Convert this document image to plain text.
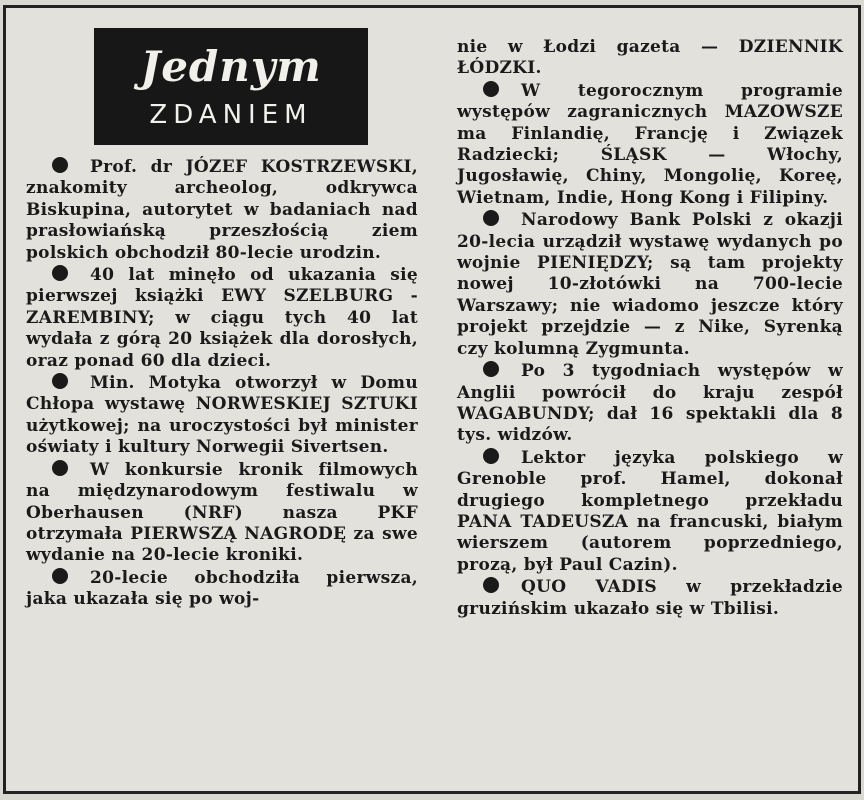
Jednym
ZDANIEM
Prof. dr JÓZEF KOSTRZEWSKI, znakomity archeolog, odkrywca Biskupina, autorytet w badaniach nad prasłowiańską przeszłością ziem polskich obchodził 80-lecie urodzin.
40 lat minęło od ukazania się pierwszej książki EWY SZELBURG - ZAREMBINY; w ciągu tych 40 lat wydała z górą 20 książek dla dorosłych, oraz ponad 60 dla dzieci.
Min. Motyka otworzył w Domu Chłopa wystawę NORWESKIEJ SZTUKI użytkowej; na uroczystości był minister oświaty i kultury Norwegii Sivertsen.
W konkursie kronik filmowych na międzynarodowym festiwalu w Oberhausen (NRF) nasza PKF otrzymała PIERWSZĄ NAGRODĘ za swe wydanie na 20-lecie kroniki.
20-lecie obchodziła pierwsza, jaka ukazała się po woj-
nie w Łodzi gazeta — DZIENNIK ŁÓDZKI.
W tegorocznym programie występów zagranicznych MAZOWSZE ma Finlandię, Francję i Związek Radziecki; ŚLĄSK — Włochy, Jugosławię, Chiny, Mongolię, Koreę, Wietnam, Indie, Hong Kong i Filipiny.
Narodowy Bank Polski z okazji 20-lecia urządził wystawę wydanych po wojnie PIENIĘDZY; są tam projekty nowej 10-złotówki na 700-lecie Warszawy; nie wiadomo jeszcze który projekt przejdzie — z Nike, Syrenką czy kolumną Zygmunta.
Po 3 tygodniach występów w Anglii powrócił do kraju zespół WAGABUNDY; dał 16 spektakli dla 8 tys. widzów.
Lektor języka polskiego w Grenoble prof. Hamel, dokonał drugiego kompletnego przekładu PANA TADEUSZA na francuski, białym wierszem (autorem poprzedniego, prozą, był Paul Cazin).
QUO VADIS w przekładzie gruzińskim ukazało się w Tbilisi.
